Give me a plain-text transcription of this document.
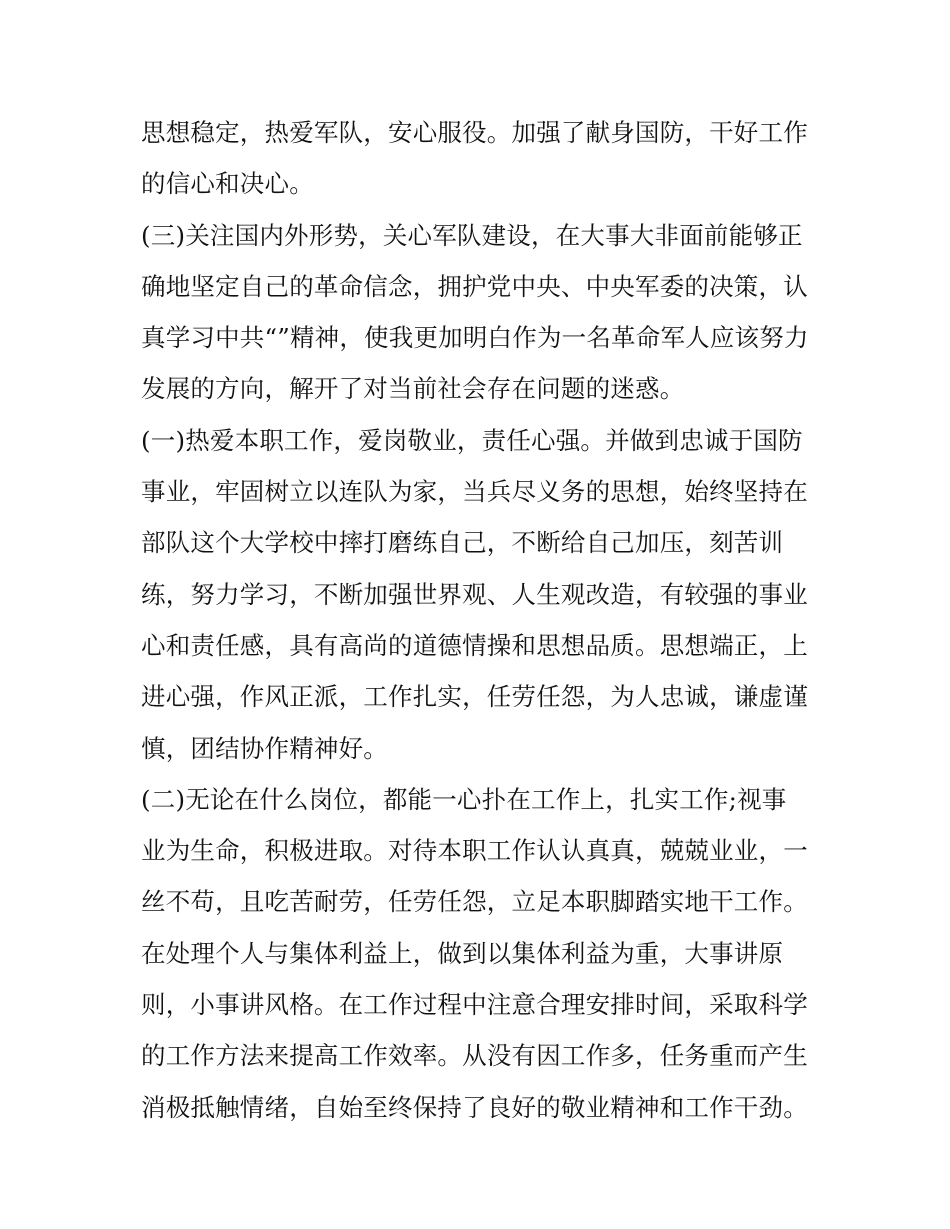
思想稳定，热爱军队，安心服役。加强了献身国防，干好工作
的信心和决心。
(三)关注国内外形势，关心军队建设，在大事大非面前能够正
确地坚定自己的革命信念，拥护党中央、中央军委的决策，认
真学习中共“”精神，使我更加明白作为一名革命军人应该努力
发展的方向，解开了对当前社会存在问题的迷惑。
(一)热爱本职工作，爱岗敬业，责任心强。并做到忠诚于国防
事业，牢固树立以连队为家，当兵尽义务的思想，始终坚持在
部队这个大学校中摔打磨练自己，不断给自己加压，刻苦训
练，努力学习，不断加强世界观、人生观改造，有较强的事业
心和责任感，具有高尚的道德情操和思想品质。思想端正，上
进心强，作风正派，工作扎实，任劳任怨，为人忠诚，谦虚谨
慎，团结协作精神好。
(二)无论在什么岗位，都能一心扑在工作上，扎实工作;视事
业为生命，积极进取。对待本职工作认认真真，兢兢业业，一
丝不苟，且吃苦耐劳，任劳任怨，立足本职脚踏实地干工作。
在处理个人与集体利益上，做到以集体利益为重，大事讲原
则，小事讲风格。在工作过程中注意合理安排时间，采取科学
的工作方法来提高工作效率。从没有因工作多，任务重而产生
消极抵触情绪，自始至终保持了良好的敬业精神和工作干劲。
